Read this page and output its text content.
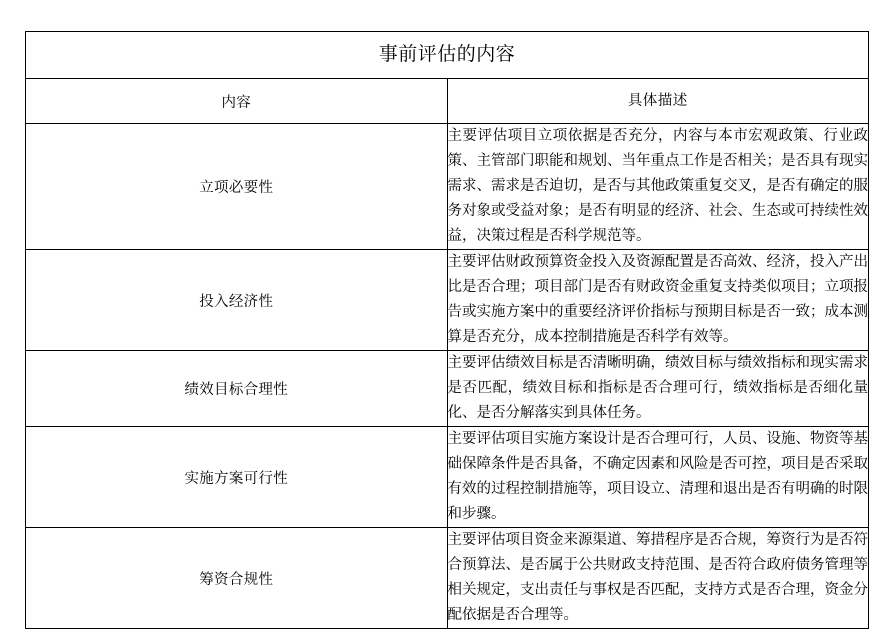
事前评估的内容	
内容	具体描述
立项必要性	主要评估项目立项依据是否充分，内容与本市宏观政策、行业政策、主管部门职能和规划、当年重点工作是否相关；是否具有现实需求、需求是否迫切，是否与其他政策重复交叉，是否有确定的服务对象或受益对象；是否有明显的经济、社会、生态或可持续性效益，决策过程是否科学规范等。

投入经济性	主要评估财政预算资金投入及资源配置是否高效、经济，投入产出比是否合理；项目部门是否有财政资金重复支持类似项目；立项报告或实施方案中的重要经济评价指标与预期目标是否一致；成本测算是否充分，成本控制措施是否科学有效等。

绩效目标合理性	主要评估绩效目标是否清晰明确，绩效目标与绩效指标和现实需求是否匹配，绩效目标和指标是否合理可行，绩效指标是否细化量化、是否分解落实到具体任务。

实施方案可行性	主要评估项目实施方案设计是否合理可行，人员、设施、物资等基础保障条件是否具备，不确定因素和风险是否可控，项目是否采取有效的过程控制措施等，项目设立、清理和退出是否有明确的时限和步骤。

筹资合规性	主要评估项目资金来源渠道、筹措程序是否合规，筹资行为是否符合预算法、是否属于公共财政支持范围、是否符合政府债务管理等相关规定，支出责任与事权是否匹配，支持方式是否合理，资金分配依据是否合理等。
